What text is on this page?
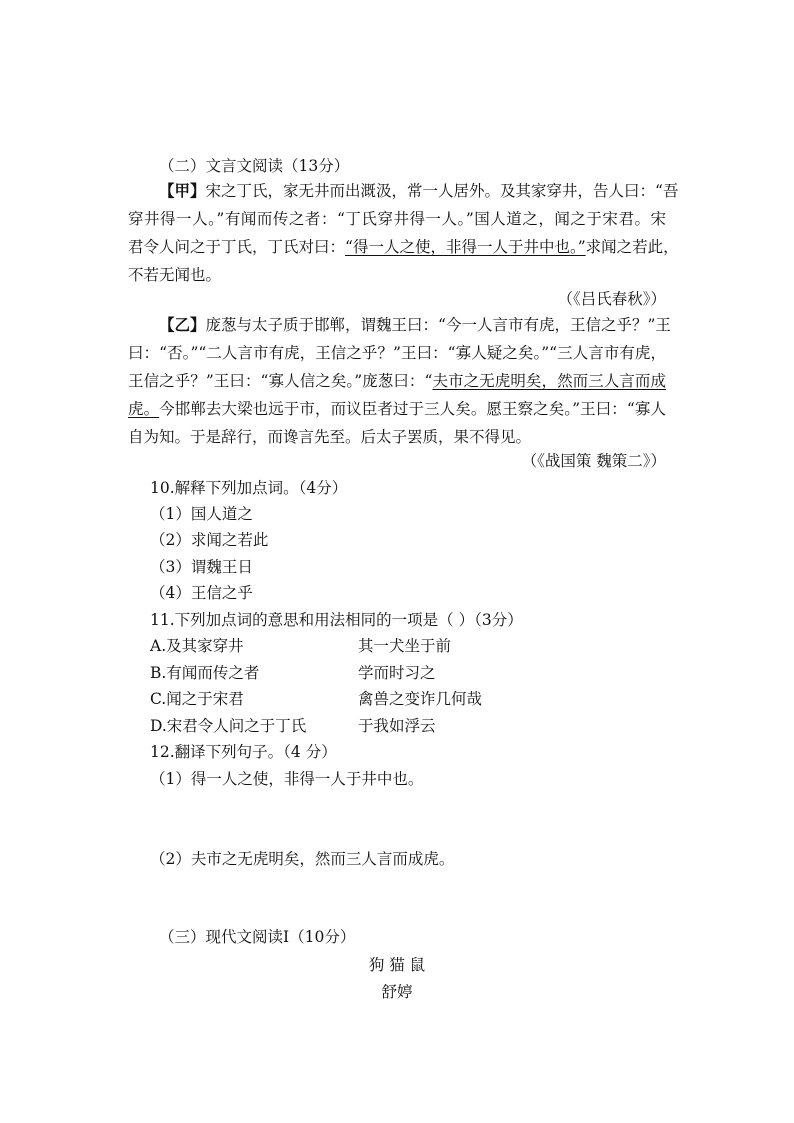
（二）文言文阅读（13分）
【甲】宋之丁氏，家无井而出溉汲，常一人居外。及其家穿井，告人曰：“吾
穿井得一人。”有闻而传之者：“丁氏穿井得一人。”国人道之，闻之于宋君。宋
君令人问之于丁氏，丁氏对曰：“得一人之使，非得一人于井中也。”求闻之若此，
不若无闻也。
（《吕氏春秋》）
【乙】庞葱与太子质于邯郸，谓魏王曰：“今一人言市有虎，王信之乎？”王
曰：“否。”“二人言市有虎，王信之乎？”王曰：“寡人疑之矣。”“三人言市有虎，
王信之乎？”王曰：“寡人信之矣。”庞葱曰：“夫市之无虎明矣，然而三人言而成
虎。今邯郸去大梁也远于市，而议臣者过于三人矣。愿王察之矣。”王曰：“寡人
自为知。于是辞行，而谗言先至。后太子罢质，果不得见。
（《战国策 魏策二》）
10.解释下列加点词。（4分）
（1）国人道之
（2）求闻之若此
（3）谓魏王日
（4）王信之乎
11.下列加点词的意思和用法相同的一项是（ ）（3分）
A.及其家穿井	其一犬坐于前
B.有闻而传之者	学而时习之
C.闻之于宋君	禽兽之变诈几何哉
D.宋君令人问之于丁氏	于我如浮云
12.翻译下列句子。（4 分）
（1）得一人之使，非得一人于井中也。
（2）夫市之无虎明矣，然而三人言而成虎。
（三）现代文阅读Ⅰ（10分）
狗 猫 鼠
舒婷
